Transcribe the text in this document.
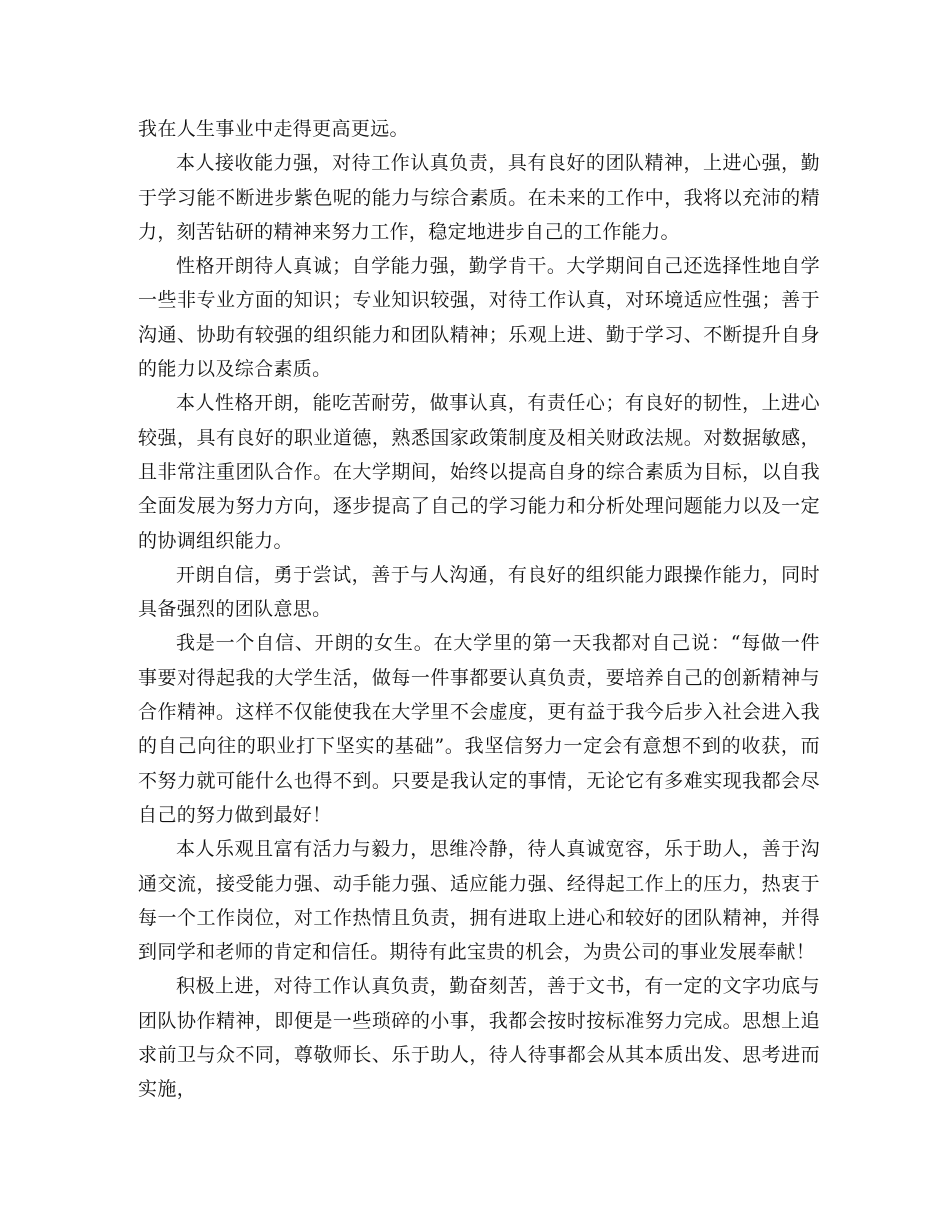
我在人生事业中走得更高更远。

本人接收能力强，对待工作认真负责，具有良好的团队精神，上进心强，勤于学习能不断进步紫色呢的能力与综合素质。在未来的工作中，我将以充沛的精力，刻苦钻研的精神来努力工作，稳定地进步自己的工作能力。

性格开朗待人真诚；自学能力强，勤学肯干。大学期间自己还选择性地自学一些非专业方面的知识；专业知识较强，对待工作认真，对环境适应性强；善于沟通、协助有较强的组织能力和团队精神；乐观上进、勤于学习、不断提升自身的能力以及综合素质。

本人性格开朗，能吃苦耐劳，做事认真，有责任心；有良好的韧性，上进心较强，具有良好的职业道德，熟悉国家政策制度及相关财政法规。对数据敏感，且非常注重团队合作。在大学期间，始终以提高自身的综合素质为目标，以自我全面发展为努力方向，逐步提高了自己的学习能力和分析处理问题能力以及一定的协调组织能力。

开朗自信，勇于尝试，善于与人沟通，有良好的组织能力跟操作能力，同时具备强烈的团队意思。

我是一个自信、开朗的女生。在大学里的第一天我都对自己说：“每做一件事要对得起我的大学生活，做每一件事都要认真负责，要培养自己的创新精神与合作精神。这样不仅能使我在大学里不会虚度，更有益于我今后步入社会进入我的自己向往的职业打下坚实的基础”。我坚信努力一定会有意想不到的收获，而不努力就可能什么也得不到。只要是我认定的事情，无论它有多难实现我都会尽自己的努力做到最好！

本人乐观且富有活力与毅力，思维冷静，待人真诚宽容，乐于助人，善于沟通交流，接受能力强、动手能力强、适应能力强、经得起工作上的压力，热衷于每一个工作岗位，对工作热情且负责，拥有进取上进心和较好的团队精神，并得到同学和老师的肯定和信任。期待有此宝贵的机会，为贵公司的事业发展奉献！

积极上进，对待工作认真负责，勤奋刻苦，善于文书，有一定的文字功底与团队协作精神，即便是一些琐碎的小事，我都会按时按标准努力完成。思想上追求前卫与众不同，尊敬师长、乐于助人，待人待事都会从其本质出发、思考进而实施，
